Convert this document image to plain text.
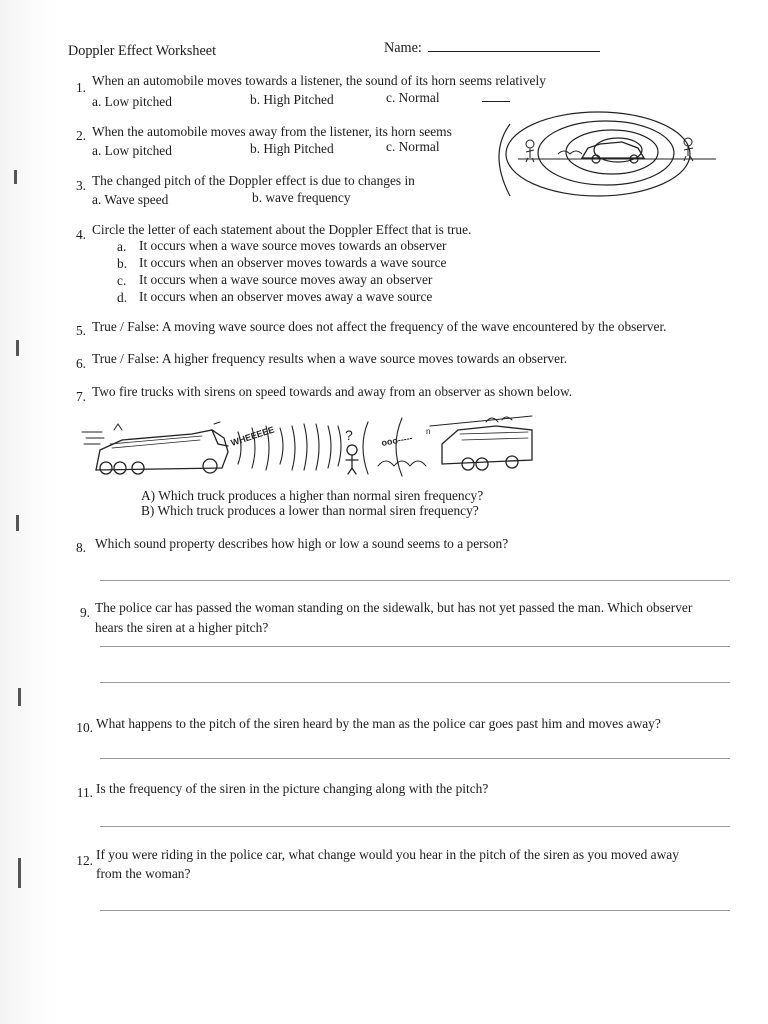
Doppler Effect Worksheet	Name:
1. When an automobile moves towards a listener, the sound of its horn seems relatively
a. Low pitched	b. High Pitched	c. Normal
2. When the automobile moves away from the listener, its horn seems
a. Low pitched	b. High Pitched	c. Normal
3. The changed pitch of the Doppler effect is due to changes in
a. Wave speed	b. wave frequency
4. Circle the letter of each statement about the Doppler Effect that is true.
a. It occurs when a wave source moves towards an observer
b. It occurs when an observer moves towards a wave source
c. It occurs when a wave source moves away an observer
d. It occurs when an observer moves away a wave source
5. True / False: A moving wave source does not affect the frequency of the wave encountered by the observer.
6. True / False: A higher frequency results when a wave source moves towards an observer.
7. Two fire trucks with sirens on speed towards and away from an observer as shown below.
WHEEEEE	?	ooo-----
n
A) Which truck produces a higher than normal siren frequency?
B) Which truck produces a lower than normal siren frequency?
8. Which sound property describes how high or low a sound seems to a person?
9. The police car has passed the woman standing on the sidewalk, but has not yet passed the man. Which observer
hears the siren at a higher pitch?
10. What happens to the pitch of the siren heard by the man as the police car goes past him and moves away?
11. Is the frequency of the siren in the picture changing along with the pitch?
12. If you were riding in the police car, what change would you hear in the pitch of the siren as you moved away
from the woman?
